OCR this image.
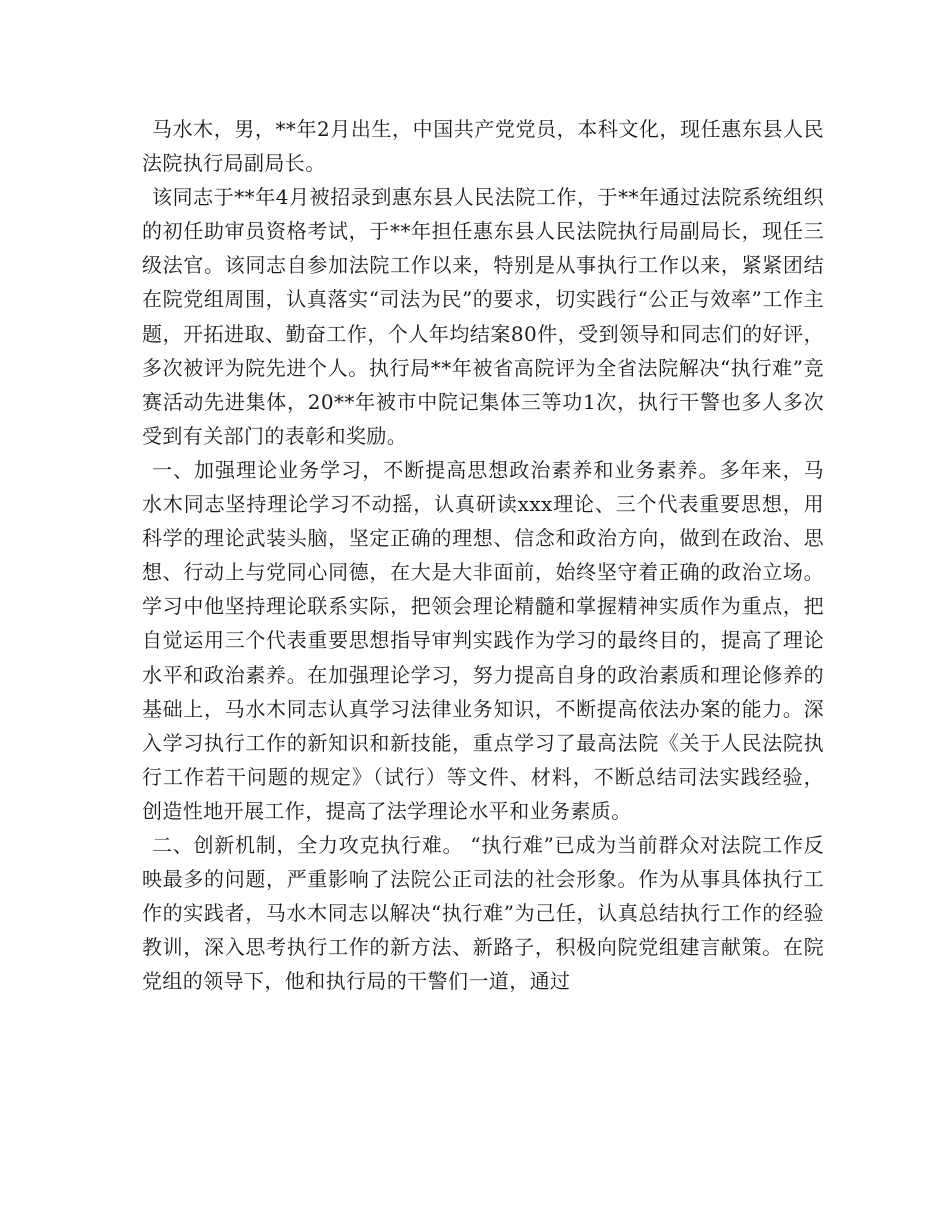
马水木，男，**年2月出生，中国共产党党员，本科文化，现任惠东县人民法院执行局副局长。

该同志于**年4月被招录到惠东县人民法院工作，于**年通过法院系统组织的初任助审员资格考试，于**年担任惠东县人民法院执行局副局长，现任三级法官。该同志自参加法院工作以来，特别是从事执行工作以来，紧紧团结在院党组周围，认真落实“司法为民”的要求，切实践行“公正与效率”工作主题，开拓进取、勤奋工作，个人年均结案80件，受到领导和同志们的好评，多次被评为院先进个人。执行局**年被省高院评为全省法院解决“执行难”竞赛活动先进集体，20**年被市中院记集体三等功1次，执行干警也多人多次受到有关部门的表彰和奖励。

一、加强理论业务学习，不断提高思想政治素养和业务素养。多年来，马水木同志坚持理论学习不动摇，认真研读xxx理论、三个代表重要思想，用科学的理论武装头脑，坚定正确的理想、信念和政治方向，做到在政治、思想、行动上与党同心同德，在大是大非面前，始终坚守着正确的政治立场。学习中他坚持理论联系实际，把领会理论精髓和掌握精神实质作为重点，把自觉运用三个代表重要思想指导审判实践作为学习的最终目的，提高了理论水平和政治素养。在加强理论学习，努力提高自身的政治素质和理论修养的基础上，马水木同志认真学习法律业务知识，不断提高依法办案的能力。深入学习执行工作的新知识和新技能，重点学习了最高法院《关于人民法院执行工作若干问题的规定》（试行）等文件、材料，不断总结司法实践经验，创造性地开展工作，提高了法学理论水平和业务素质。

二、创新机制，全力攻克执行难。 “执行难”已成为当前群众对法院工作反映最多的问题，严重影响了法院公正司法的社会形象。作为从事具体执行工作的实践者，马水木同志以解决“执行难”为己任，认真总结执行工作的经验教训，深入思考执行工作的新方法、新路子，积极向院党组建言献策。在院党组的领导下，他和执行局的干警们一道，通过
